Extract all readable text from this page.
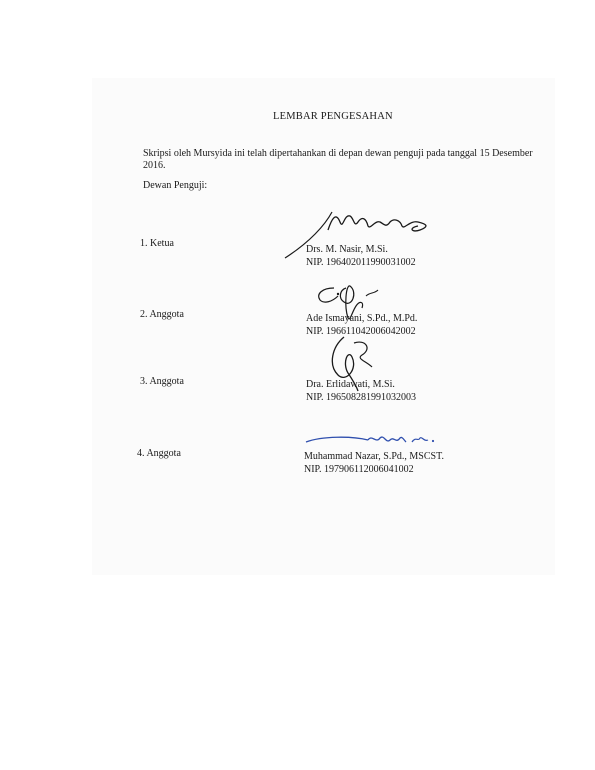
LEMBAR PENGESAHAN
Skripsi oleh Mursyida ini telah dipertahankan di depan dewan penguji pada tanggal 15 Desember 2016.
Dewan Penguji:
1. Ketua
Drs. M. Nasir, M.Si.
NIP. 196402011990031002
2. Anggota	Ade Ismayani, S.Pd., M.Pd.
NIP. 196611042006042002
3. Anggota	Dra. Erlidawati, M.Si.
NIP. 196508281991032003
4. Anggota	Muhammad Nazar, S.Pd., MSCST.
NIP. 197906112006041002
